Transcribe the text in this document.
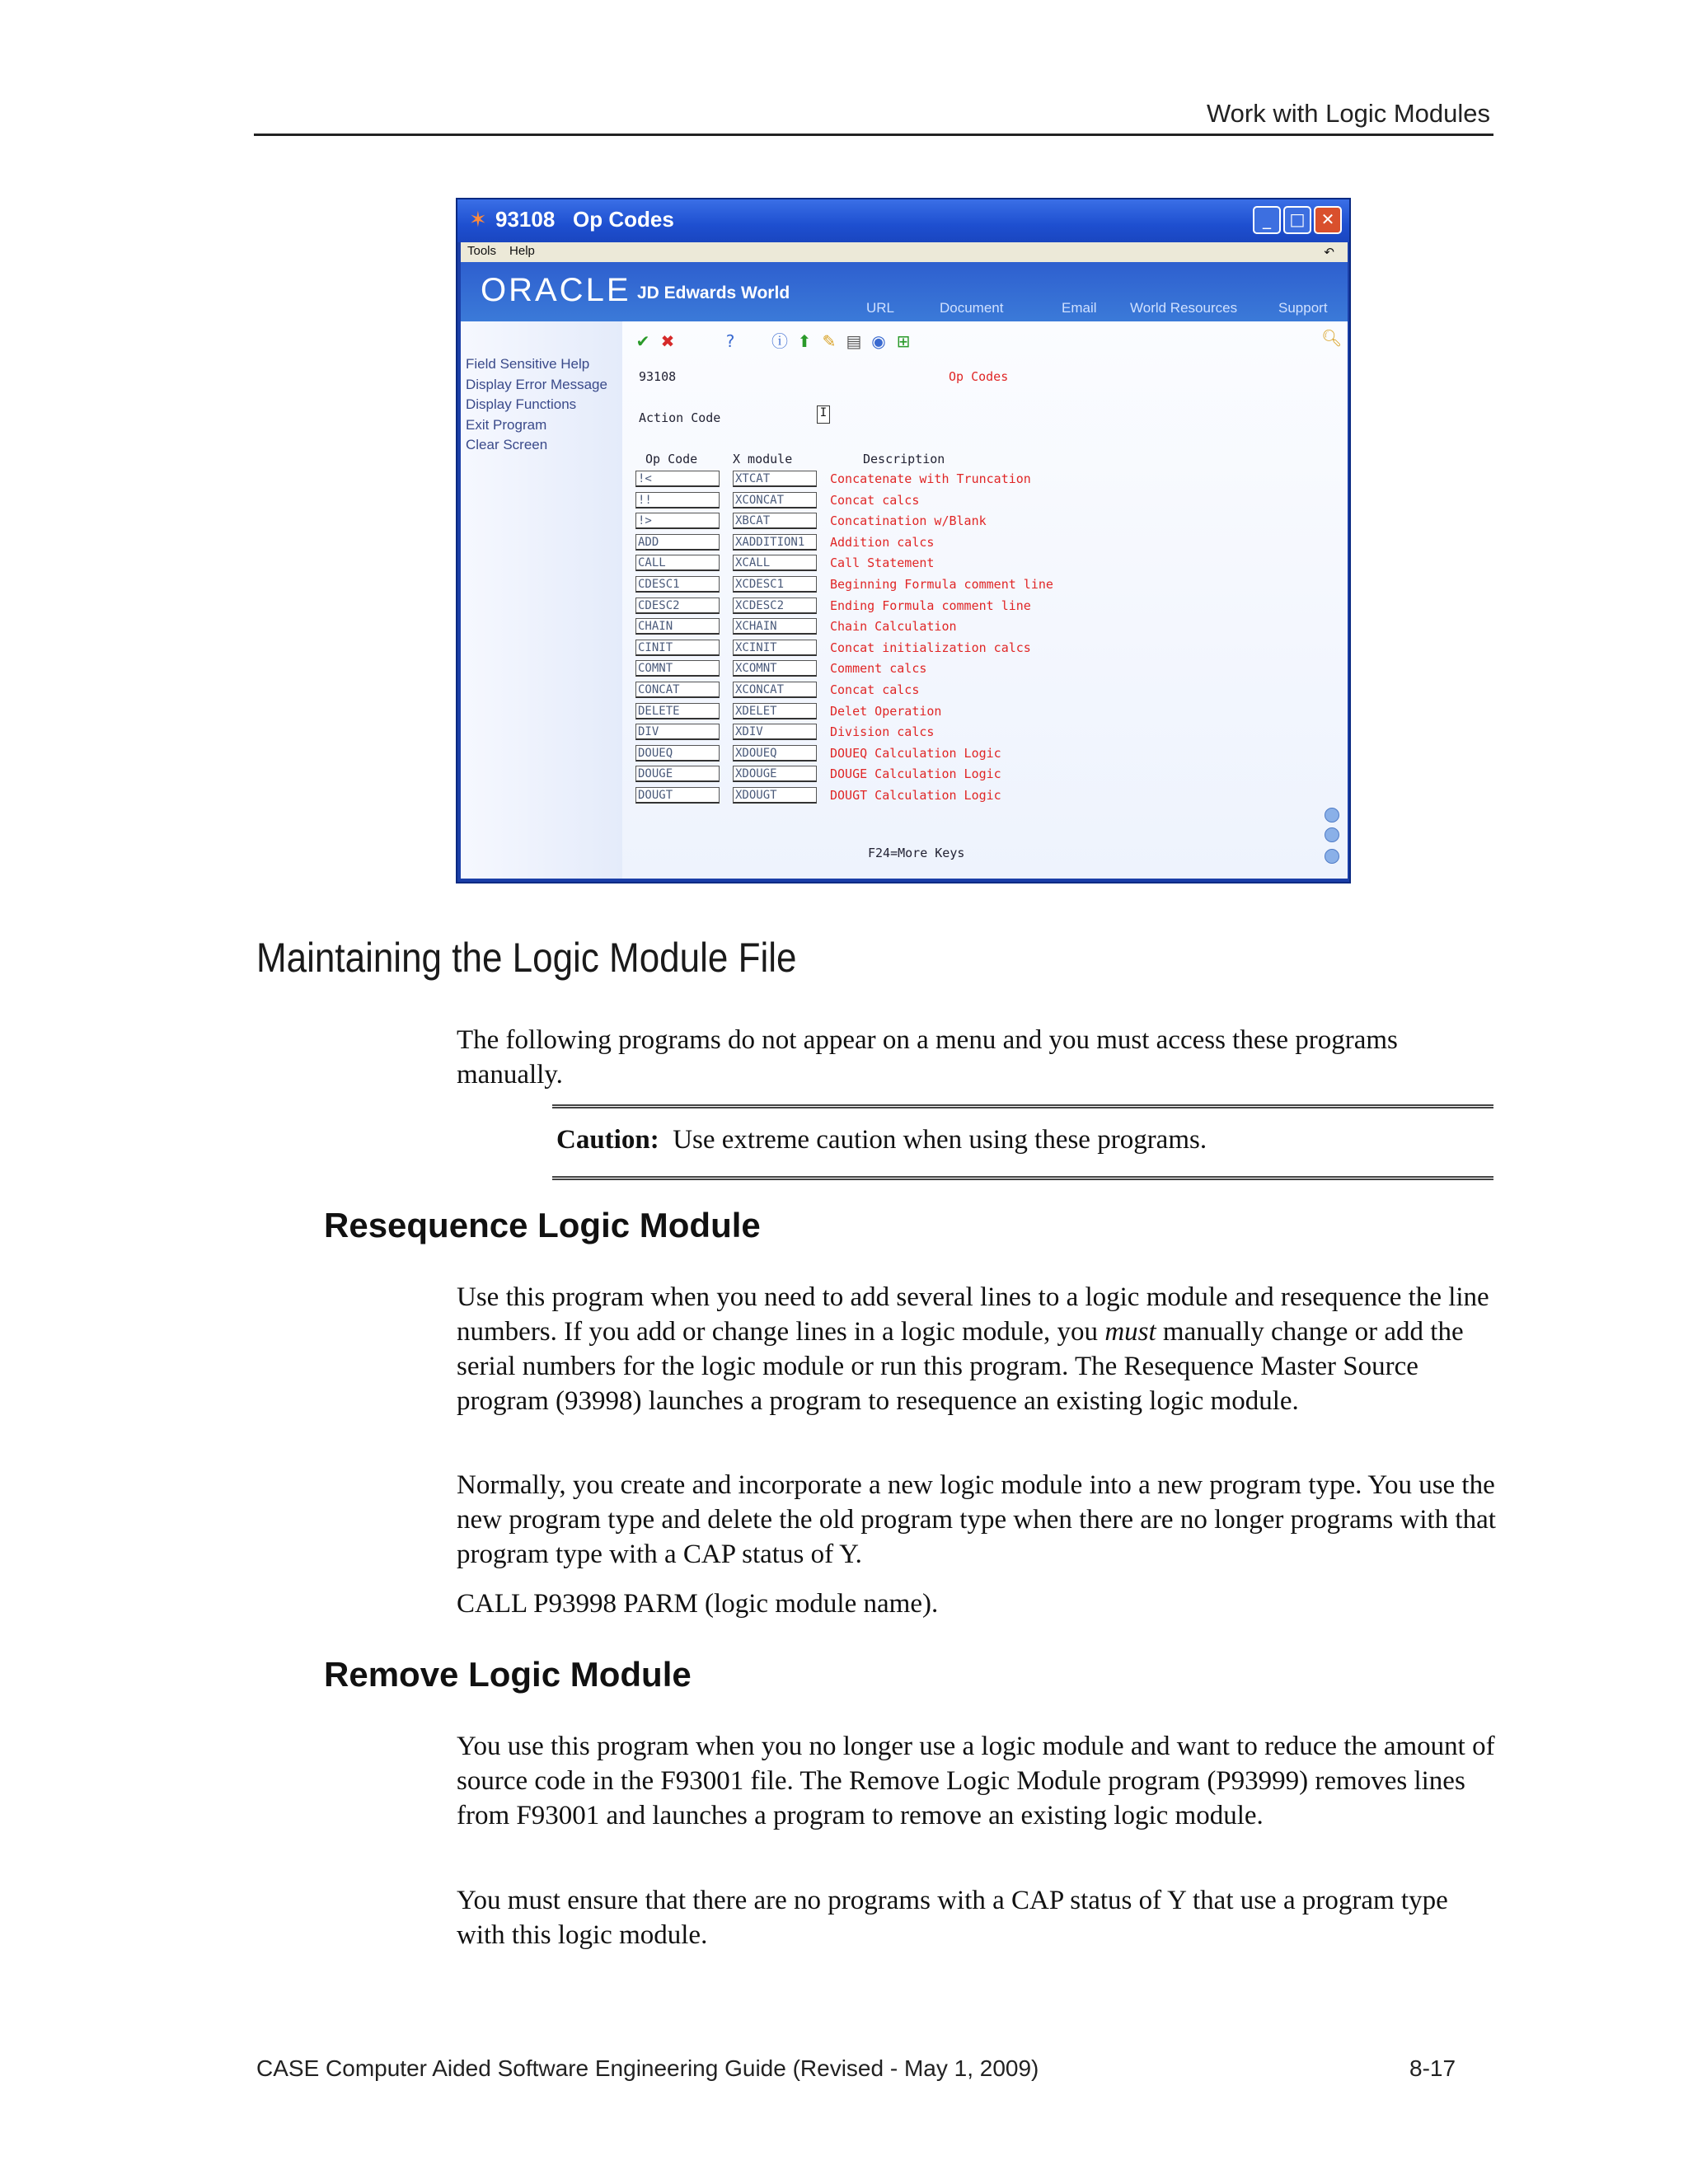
Work with Logic Modules
✶ 93108 Op Codes	_	□ ✕
Tools Help	↶
ORACLE JD Edwards World
URL	Document	Email World Resources	Support
Field Sensitive Help
Display Error Message
Display Functions
Exit Program
Clear Screen
✔ ✖	? ⓘ ⬆ ✎ ▤ ◉ ⊞	🔍︎
93108	Op Codes
Action Code	I
Op Code	X module	Description
!<	XTCAT	Concatenate with Truncation
!!	XCONCAT	Concat calcs
!>	XBCAT	Concatination w/Blank
ADD	XADDITION1	Addition calcs
CALL	XCALL	Call Statement
CDESC1	XCDESC1	Beginning Formula comment line
CDESC2	XCDESC2	Ending Formula comment line
CHAIN	XCHAIN	Chain Calculation
CINIT	XCINIT	Concat initialization calcs
COMNT	XCOMNT	Comment calcs
CONCAT	XCONCAT	Concat calcs
DELETE	XDELET	Delet Operation
DIV	XDIV	Division calcs
DOUEQ	XDOUEQ	DOUEQ Calculation Logic
DOUGE	XDOUGE	DOUGE Calculation Logic
DOUGT	XDOUGT	DOUGT Calculation Logic
F24=More Keys
Maintaining the Logic Module File

The following programs do not appear on a menu and you must access these programs manually.

Caution: Use extreme caution when using these programs.

Resequence Logic Module

Use this program when you need to add several lines to a logic module and resequence the line numbers. If you add or change lines in a logic module, you must manually change or add the serial numbers for the logic module or run this program. The Resequence Master Source program (93998) launches a program to resequence an existing logic module.

Normally, you create and incorporate a new logic module into a new program type. You use the new program type and delete the old program type when there are no longer programs with that program type with a CAP status of Y.

CALL P93998 PARM (logic module name).

Remove Logic Module

You use this program when you no longer use a logic module and want to reduce the amount of source code in the F93001 file. The Remove Logic Module program (P93999) removes lines from F93001 and launches a program to remove an existing logic module.

You must ensure that there are no programs with a CAP status of Y that use a program type with this logic module.

CASE Computer Aided Software Engineering Guide (Revised - May 1, 2009)	8-17
